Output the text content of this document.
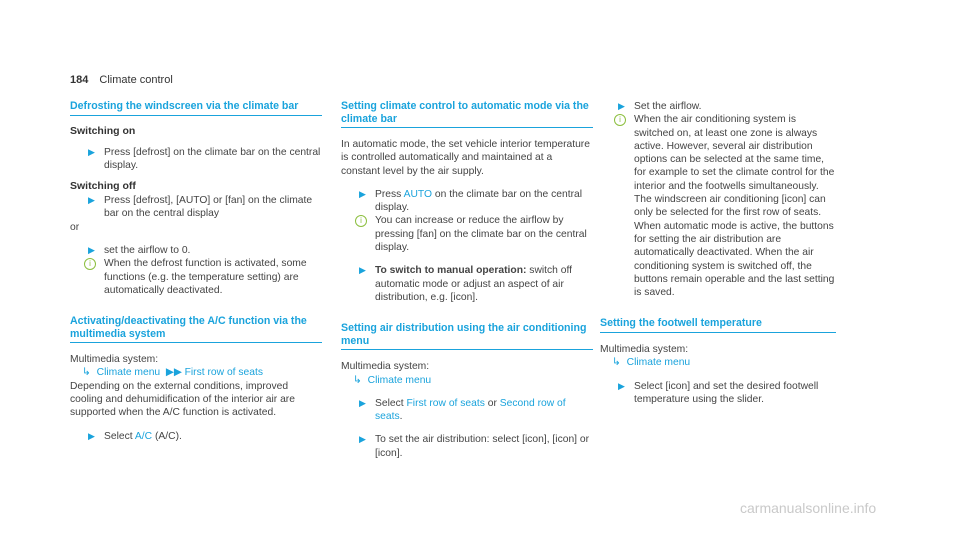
184 Climate control
Defrosting the windscreen via the climate bar
Switching on
▶ Press [defrost] on the climate bar on the central display.
Switching off
▶ Press [defrost], [AUTO] or [fan] on the climate bar on the central display
or
▶ set the airflow to 0.
i	When the defrost function is activated, some functions (e.g. the temperature setting) are automatically deactivated.
Activating/deactivating the A/C function via the multimedia system
Multimedia system:
↳ Climate menu  ▶▶ First row of seats
Depending on the external conditions, improved cooling and dehumidification of the interior air are supported when the A/C function is activated.
▶ Select A/C (A/C).
Setting climate control to automatic mode via the climate bar
In automatic mode, the set vehicle interior temperature is controlled automatically and maintained at a constant level by the air supply.
▶ Press AUTO on the climate bar on the central display.
i	You can increase or reduce the airflow by pressing [fan] on the climate bar on the central display.
▶ To switch to manual operation: switch off automatic mode or adjust an aspect of air distribution, e.g. [icon].
Setting air distribution using the air conditioning menu
Multimedia system:
↳ Climate menu
▶ Select First row of seats or Second row of seats.
▶ To set the air distribution: select [icon], [icon] or [icon].
▶ Set the airflow.
i	When the air conditioning system is switched on, at least one zone is always active. However, several air distribution options can be selected at the same time, for example to set the climate control for the interior and the footwells simultaneously. The windscreen air conditioning [icon] can only be selected for the first row of seats. When automatic mode is active, the buttons for setting the air distribution are automatically deactivated. When the air conditioning system is switched off, the buttons remain operable and the last setting is saved.
Setting the footwell temperature
Multimedia system:
↳ Climate menu
▶ Select [icon] and set the desired footwell temperature using the slider.
carmanualsonline.info
